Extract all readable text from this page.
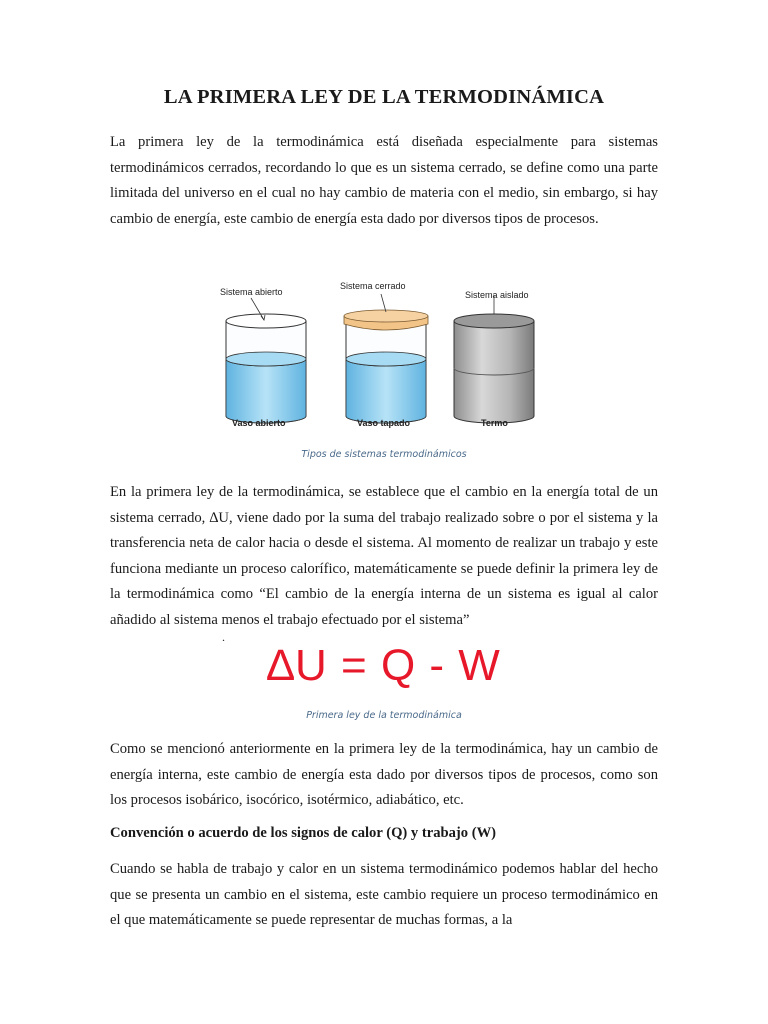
LA PRIMERA LEY DE LA TERMODINÁMICA

La primera ley de la termodinámica está diseñada especialmente para sistemas termodinámicos cerrados, recordando lo que es un sistema cerrado, se define como una parte limitada del universo en el cual no hay cambio de materia con el medio, sin embargo, si hay cambio de energía, este cambio de energía esta dado por diversos tipos de procesos.

Sistema abierto
Sistema cerrado
Sistema aislado
Vaso abierto	Vaso tapado	Termo
Tipos de sistemas termodinámicos

En la primera ley de la termodinámica, se establece que el cambio en la energía total de un sistema cerrado, ∆U, viene dado por la suma del trabajo realizado sobre o por el sistema y la transferencia neta de calor hacia o desde el sistema. Al momento de realizar un trabajo y este funciona mediante un proceso calorífico, matemáticamente se puede definir la primera ley de la termodinámica como “El cambio de la energía interna de un sistema es igual al calor añadido al sistema menos el trabajo efectuado por el sistema”

.
∆U = Q - W
Primera ley de la termodinámica

Como se mencionó anteriormente en la primera ley de la termodinámica, hay un cambio de energía interna, este cambio de energía esta dado por diversos tipos de procesos, como son los procesos isobárico, isocórico, isotérmico, adiabático, etc.

Convención o acuerdo de los signos de calor (Q) y trabajo (W)

Cuando se habla de trabajo y calor en un sistema termodinámico podemos hablar del hecho que se presenta un cambio en el sistema, este cambio requiere un proceso termodinámico en el que matemáticamente se puede representar de muchas formas, a la
